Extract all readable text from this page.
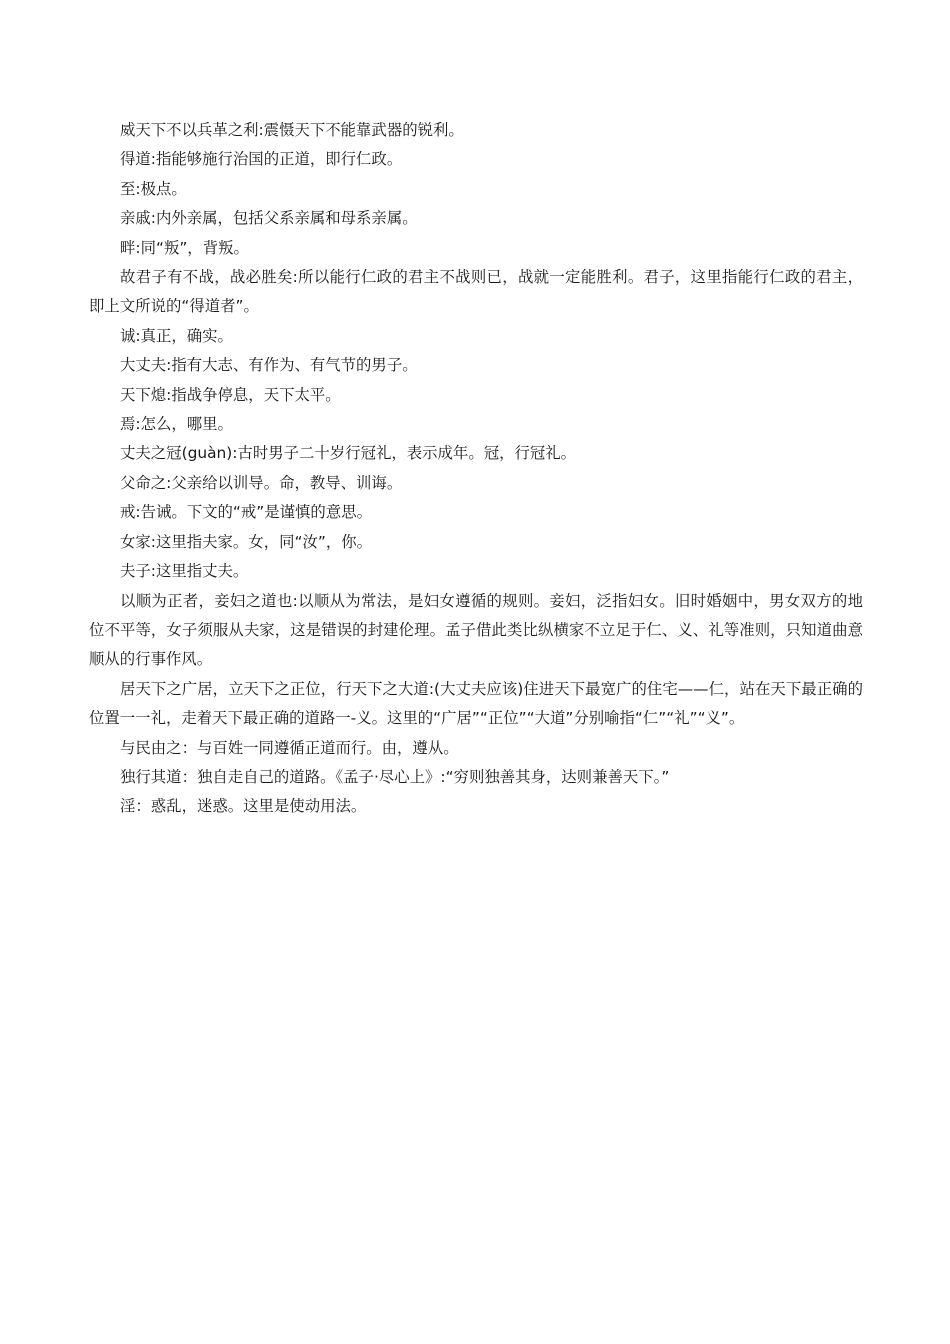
威天下不以兵革之利:震慑天下不能靠武器的锐利。

得道:指能够施行治国的正道，即行仁政。

至:极点。

亲戚:内外亲属，包括父系亲属和母系亲属。

畔:同“叛”，背叛。

故君子有不战，战必胜矣:所以能行仁政的君主不战则已，战就一定能胜利。君子，这里指能行仁政的君主，即上文所说的“得道者”。

诚:真正，确实。

大丈夫:指有大志、有作为、有气节的男子。

天下熄:指战争停息，天下太平。

焉:怎么，哪里。

丈夫之冠(guàn):古时男子二十岁行冠礼，表示成年。冠，行冠礼。

父命之:父亲给以训导。命，教导、训诲。

戒:告诫。下文的“戒”是谨慎的意思。

女家:这里指夫家。女，同“汝”，你。

夫子:这里指丈夫。

以顺为正者，妾妇之道也:以顺从为常法，是妇女遵循的规则。妾妇，泛指妇女。旧时婚姻中，男女双方的地位不平等，女子须服从夫家，这是错误的封建伦理。孟子借此类比纵横家不立足于仁、义、礼等准则，只知道曲意顺从的行事作风。

居天下之广居，立天下之正位，行天下之大道:(大丈夫应该)住进天下最宽广的住宅——仁，站在天下最正确的位置一一礼，走着天下最正确的道路一-义。这里的“广居”“正位”“大道”分别喻指“仁”“礼”“义”。

与民由之：与百姓一同遵循正道而行。由，遵从。

独行其道：独自走自己的道路。《孟子·尽心上》:“穷则独善其身，达则兼善天下。”

淫：惑乱，迷惑。这里是使动用法。
